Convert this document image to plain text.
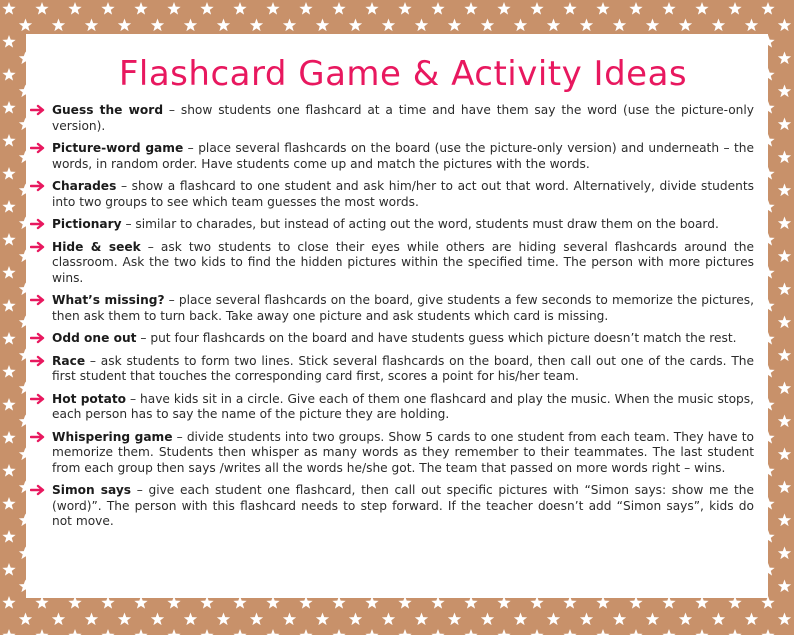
Flashcard Game & Activity Ideas
Guess the word – show students one flashcard at a time and have them say the word (use the picture-only version).
Picture-word game – place several flashcards on the board (use the picture-only version) and underneath – the words, in random order. Have students come up and match the pictures with the words.
Charades – show a flashcard to one student and ask him/her to act out that word. Alternatively, divide students into two groups to see which team guesses the most words.
Pictionary – similar to charades, but instead of acting out the word, students must draw them on the board.
Hide & seek – ask two students to close their eyes while others are hiding several flashcards around the classroom. Ask the two kids to find the hidden pictures within the specified time. The person with more pictures wins.
What’s missing? – place several flashcards on the board, give students a few seconds to memorize the pictures, then ask them to turn back. Take away one picture and ask students which card is missing.
Odd one out – put four flashcards on the board and have students guess which picture doesn’t match the rest.
Race – ask students to form two lines. Stick several flashcards on the board, then call out one of the cards. The first student that touches the corresponding card first, scores a point for his/her team.
Hot potato – have kids sit in a circle. Give each of them one flashcard and play the music. When the music stops, each person has to say the name of the picture they are holding.
Whispering game – divide students into two groups. Show 5 cards to one student from each team. They have to memorize them. Students then whisper as many words as they remember to their teammates. The last student from each group then says /writes all the words he/she got. The team that passed on more words right – wins.
Simon says – give each student one flashcard, then call out specific pictures with “Simon says: show me the (word)”. The person with this flashcard needs to step forward. If the teacher doesn’t add “Simon says”, kids do not move.
